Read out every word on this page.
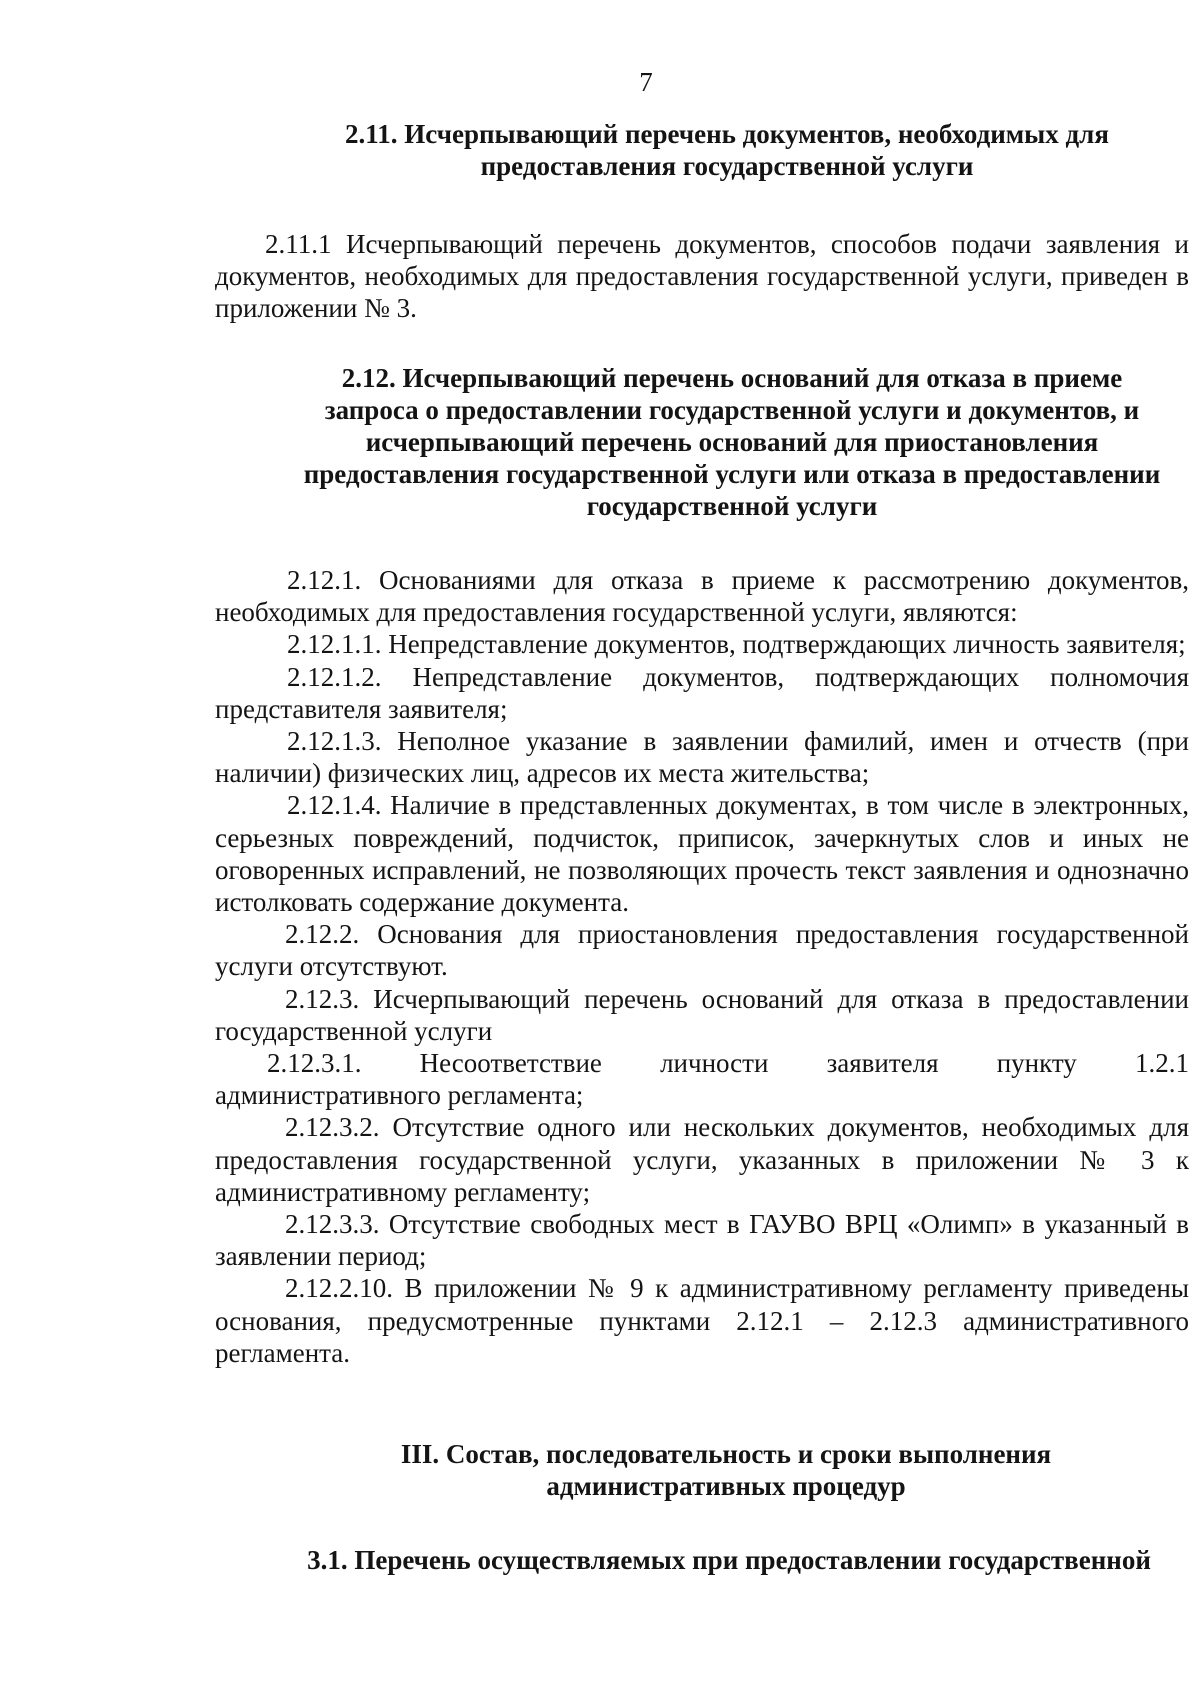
7
2.11. Исчерпывающий перечень документов, необходимых для
предоставления государственной услуги

2.11.1 Исчерпывающий перечень документов, способов подачи заявления и документов, необходимых для предоставления государственной услуги, приведен в приложении № 3.

2.12. Исчерпывающий перечень оснований для отказа в приеме
запроса о предоставлении государственной услуги и документов, и
исчерпывающий перечень оснований для приостановления
предоставления государственной услуги или отказа в предоставлении
государственной услуги

2.12.1. Основаниями для отказа в приеме к рассмотрению документов, необходимых для предоставления государственной услуги, являются:

2.12.1.1. Непредставление документов, подтверждающих личность заявителя;

2.12.1.2. Непредставление документов, подтверждающих полномочия представителя заявителя;

2.12.1.3. Неполное указание в заявлении фамилий, имен и отчеств (при наличии) физических лиц, адресов их места жительства;

2.12.1.4. Наличие в представленных документах, в том числе в электронных, серьезных повреждений, подчисток, приписок, зачеркнутых слов и иных не оговоренных исправлений, не позволяющих прочесть текст заявления и однозначно истолковать содержание документа.

2.12.2. Основания для приостановления предоставления государственной услуги отсутствуют.

2.12.3. Исчерпывающий перечень оснований для отказа в предоставлении государственной услуги

2.12.3.1. Несоответствие личности заявителя пункту 1.2.1

административного регламента;

2.12.3.2. Отсутствие одного или нескольких документов, необходимых для предоставления государственной услуги, указанных в приложении № 3 к административному регламенту;

2.12.3.3. Отсутствие свободных мест в ГАУВО ВРЦ «Олимп» в указанный в заявлении период;

2.12.2.10. В приложении № 9 к административному регламенту приведены основания, предусмотренные пунктами 2.12.1 – 2.12.3 административного регламента.

III. Состав, последовательность и сроки выполнения
административных процедур
3.1. Перечень осуществляемых при предоставлении государственной
